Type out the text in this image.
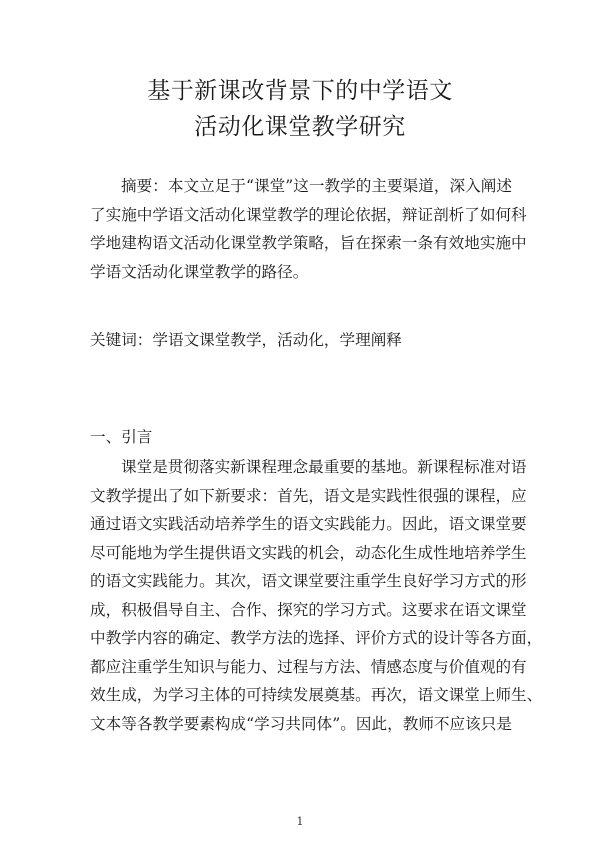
基于新课改背景下的中学语文
活动化课堂教学研究
摘要：本文立足于“课堂”这一教学的主要渠道，深入阐述
了实施中学语文活动化课堂教学的理论依据，辩证剖析了如何科
学地建构语文活动化课堂教学策略，旨在探索一条有效地实施中
学语文活动化课堂教学的路径。
关键词：学语文课堂教学，活动化，学理阐释
一、引言
课堂是贯彻落实新课程理念最重要的基地。新课程标准对语
文教学提出了如下新要求：首先，语文是实践性很强的课程，应
通过语文实践活动培养学生的语文实践能力。因此，语文课堂要
尽可能地为学生提供语文实践的机会，动态化生成性地培养学生
的语文实践能力。其次，语文课堂要注重学生良好学习方式的形
成，积极倡导自主、合作、探究的学习方式。这要求在语文课堂
中教学内容的确定、教学方法的选择、评价方式的设计等各方面，
都应注重学生知识与能力、过程与方法、情感态度与价值观的有
效生成，为学习主体的可持续发展奠基。再次，语文课堂上师生、
文本等各教学要素构成“学习共同体”。因此，教师不应该只是
1
